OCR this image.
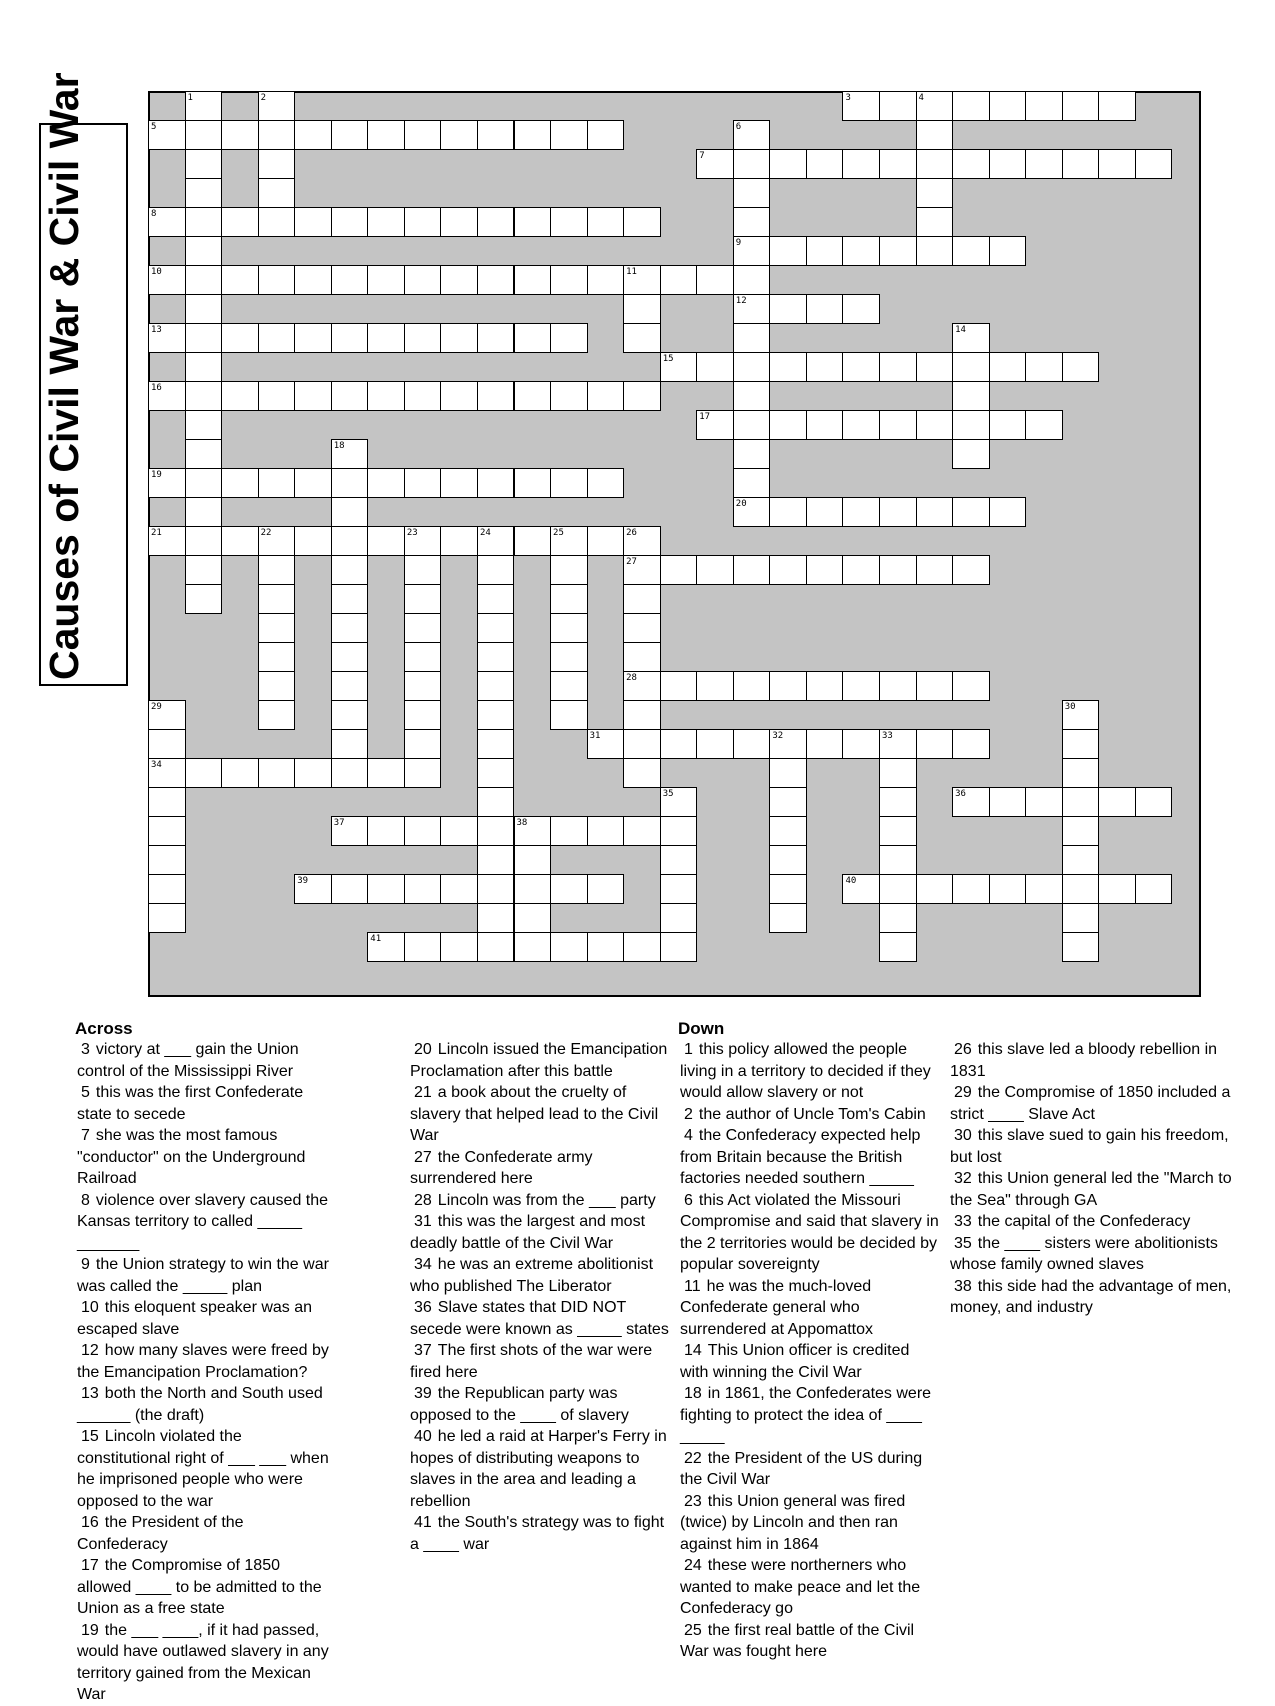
Causes of Civil War & Civil War	1	2	3	4
5	6
7
8
9
10	11
12
13	14
15
16
17
18
19
20
21	22	23	24	25	26
27
28
29	30
31	32	33
34
35	36
37	38
39	40
41
Across

3 victory at ___ gain the Union control of the Mississippi River

5 this was the first Confederate state to secede

7 she was the most famous "conductor" on the Underground Railroad

8 violence over slavery caused the Kansas territory to called _____ _______

9 the Union strategy to win the war was called the _____ plan

10 this eloquent speaker was an escaped slave

12 how many slaves were freed by the Emancipation Proclamation?

13 both the North and South used ______ (the draft)

15 Lincoln violated the constitutional right of ___ ___ when he imprisoned people who were opposed to the war

16 the President of the Confederacy

17 the Compromise of 1850 allowed ____ to be admitted to the Union as a free state

19 the ___ ____, if it had passed, would have outlawed slavery in any territory gained from the Mexican War

20 Lincoln issued the Emancipation Proclamation after this battle

21 a book about the cruelty of slavery that helped lead to the Civil War

27 the Confederate army surrendered here

28 Lincoln was from the ___ party

31 this was the largest and most deadly battle of the Civil War

34 he was an extreme abolitionist who published The Liberator

36 Slave states that DID NOT secede were known as _____ states

37 The first shots of the war were fired here

39 the Republican party was opposed to the ____ of slavery

40 he led a raid at Harper's Ferry in hopes of distributing weapons to slaves in the area and leading a rebellion

41 the South's strategy was to fight a ____ war

Down

1 this policy allowed the people living in a territory to decided if they would allow slavery or not

2 the author of Uncle Tom's Cabin

4 the Confederacy expected help from Britain because the British factories needed southern _____

6 this Act violated the Missouri Compromise and said that slavery in the 2 territories would be decided by popular sovereignty

11 he was the much-loved Confederate general who surrendered at Appomattox

14 This Union officer is credited with winning the Civil War

18 in 1861, the Confederates were fighting to protect the idea of ____ _____

22 the President of the US during the Civil War

23 this Union general was fired (twice) by Lincoln and then ran against him in 1864

24 these were northerners who wanted to make peace and let the Confederacy go

25 the first real battle of the Civil War was fought here

26 this slave led a bloody rebellion in 1831

29 the Compromise of 1850 included a strict ____ Slave Act

30 this slave sued to gain his freedom, but lost

32 this Union general led the "March to the Sea" through GA

33 the capital of the Confederacy

35 the ____ sisters were abolitionists whose family owned slaves

38 this side had the advantage of men, money, and industry
